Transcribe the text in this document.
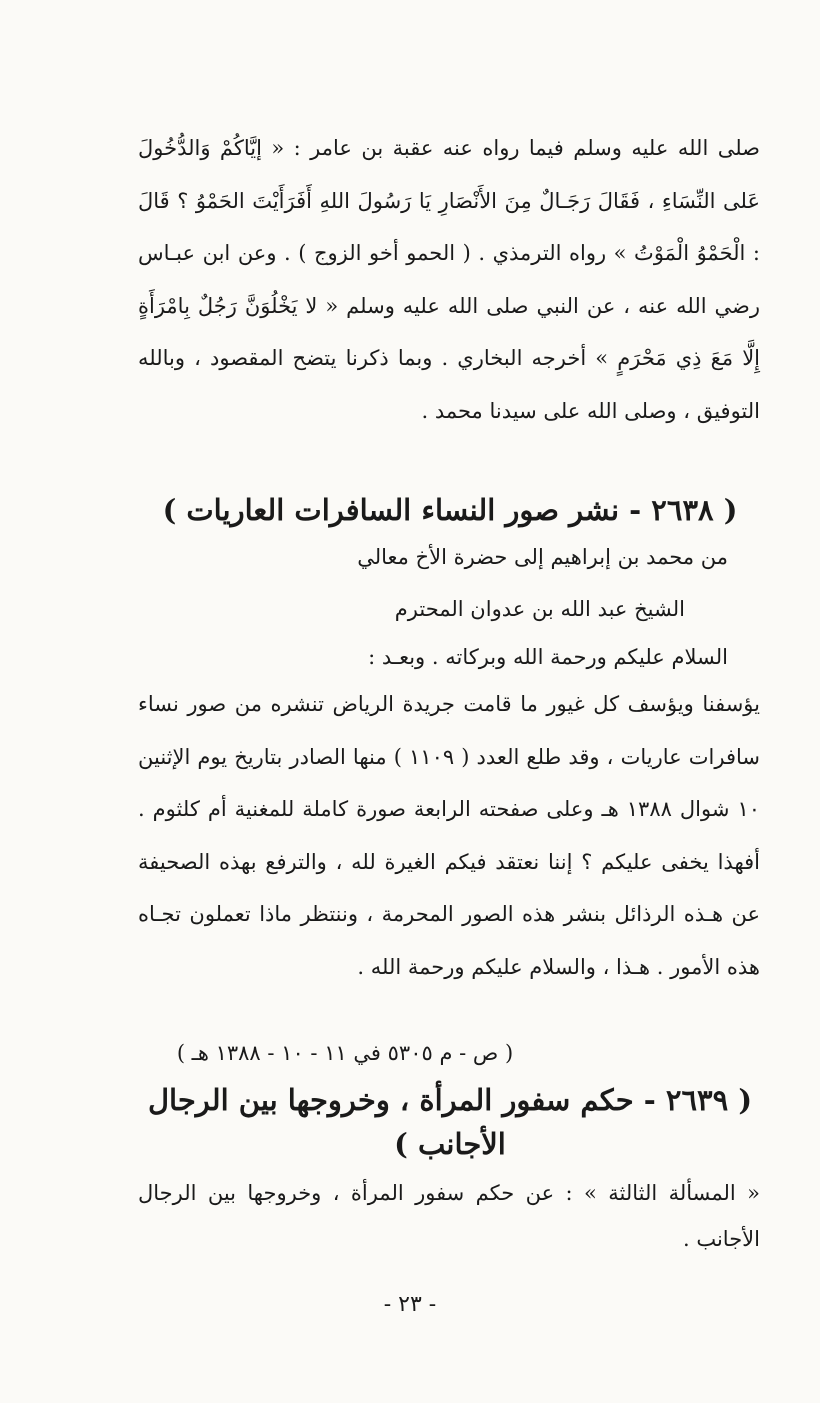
صلى الله عليه وسلم فيما رواه عنه عقبة بن عامر : « إيَّاكُمْ وَالدُّخُولَ عَلى النِّسَاءِ ، فَقَالَ رَجَـالٌ مِنَ الأَنْصَارِ يَا رَسُولَ اللهِ أَفَرَأَيْتَ الحَمْوُ ؟ قَالَ : الْحَمْوُ الْمَوْتُ » رواه الترمذي . ( الحمو أخو الزوج ) . وعن ابن عبـاس رضي الله عنه ، عن النبي صلى الله عليه وسلم « لا يَخْلُوَنَّ رَجُلٌ بِامْرَأَةٍ إِلَّا مَعَ ذِي مَحْرَمٍ » أخرجه البخاري . وبما ذكرنا يتضح المقصود ، وبالله التوفيق ، وصلى الله على سيدنا محمد .
( ٢٦٣٨ - نشر صور النساء السافرات العاريات )
من محمد بن إبراهيم إلى حضرة الأخ معالي
الشيخ عبد الله بن عدوان المحترم
السلام عليكم ورحمة الله وبركاته . وبعـد :
يؤسفنا ويؤسف كل غيور ما قامت جريدة الرياض تنشره من صور نساء سافرات عاريات ، وقد طلع العدد ( ١١٠٩ ) منها الصادر بتاريخ يوم الإثنين ١٠ شوال ١٣٨٨ هـ وعلى صفحته الرابعة صورة كاملة للمغنية أم كلثوم . أفهذا يخفى عليكم ؟ إننا نعتقد فيكم الغيرة لله ، والترفع بهذه الصحيفة عن هـذه الرذائل بنشر هذه الصور المحرمة ، وننتظر ماذا تعملون تجـاه هذه الأمور . هـذا ، والسلام عليكم ورحمة الله .
( ص - م ٥٣٠٥ في ١١ - ١٠ - ١٣٨٨ هـ )
( ٢٦٣٩ - حكم سفور المرأة ، وخروجها بين الرجال الأجانب )
« المسألة الثالثة » : عن حكم سفور المرأة ، وخروجها بين الرجال الأجانب .
- ٢٣ -
